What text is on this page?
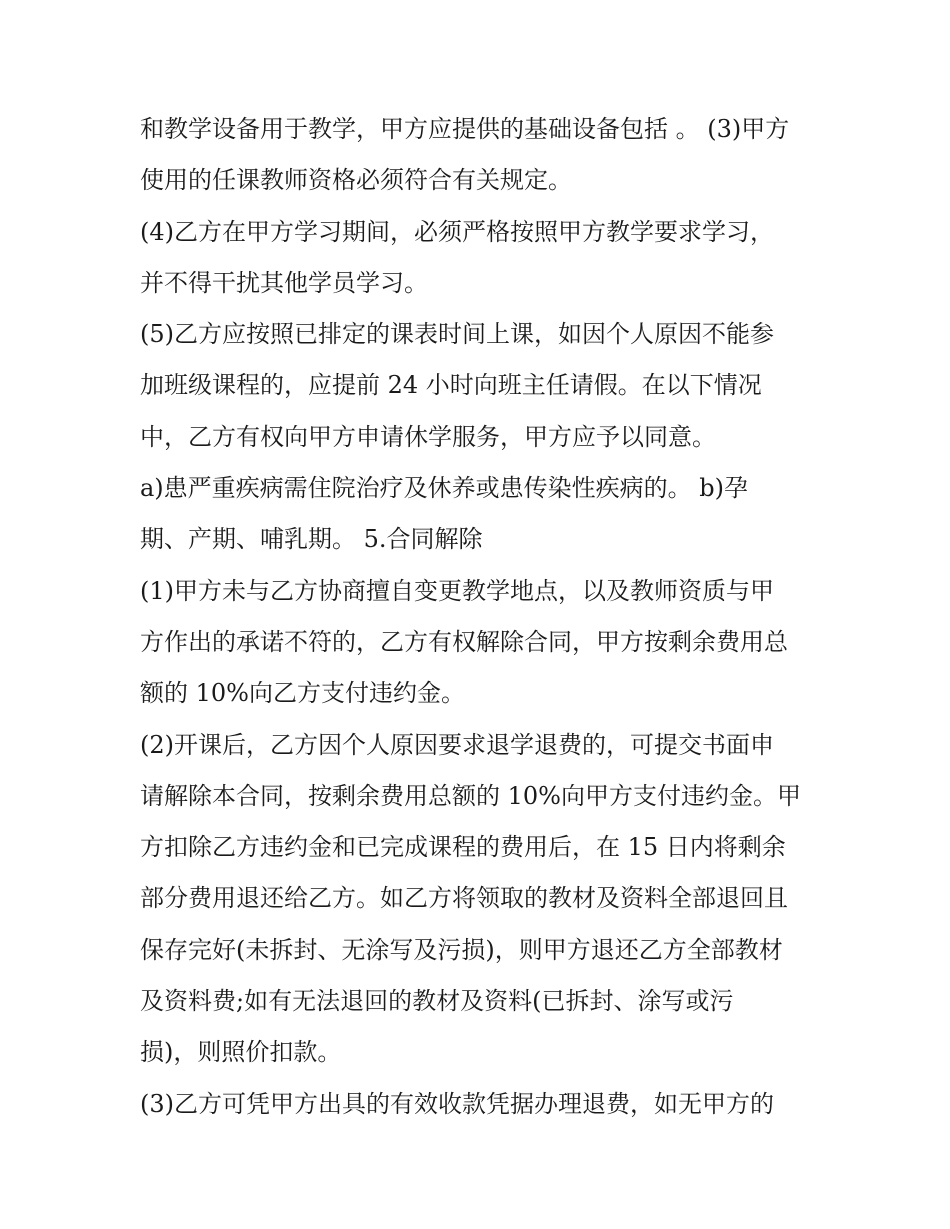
和教学设备用于教学，甲方应提供的基础设备包括 。 (3)甲方
使用的任课教师资格必须符合有关规定。
(4)乙方在甲方学习期间，必须严格按照甲方教学要求学习，
并不得干扰其他学员学习。
(5)乙方应按照已排定的课表时间上课，如因个人原因不能参
加班级课程的，应提前 24 小时向班主任请假。在以下情况
中，乙方有权向甲方申请休学服务，甲方应予以同意。
a)患严重疾病需住院治疗及休养或患传染性疾病的。 b)孕
期、产期、哺乳期。 5.合同解除
(1)甲方未与乙方协商擅自变更教学地点，以及教师资质与甲
方作出的承诺不符的，乙方有权解除合同，甲方按剩余费用总
额的 10%向乙方支付违约金。
(2)开课后，乙方因个人原因要求退学退费的，可提交书面申
请解除本合同，按剩余费用总额的 10%向甲方支付违约金。甲
方扣除乙方违约金和已完成课程的费用后，在 15 日内将剩余
部分费用退还给乙方。如乙方将领取的教材及资料全部退回且
保存完好(未拆封、无涂写及污损)，则甲方退还乙方全部教材
及资料费;如有无法退回的教材及资料(已拆封、涂写或污
损)，则照价扣款。
(3)乙方可凭甲方出具的有效收款凭据办理退费，如无甲方的
